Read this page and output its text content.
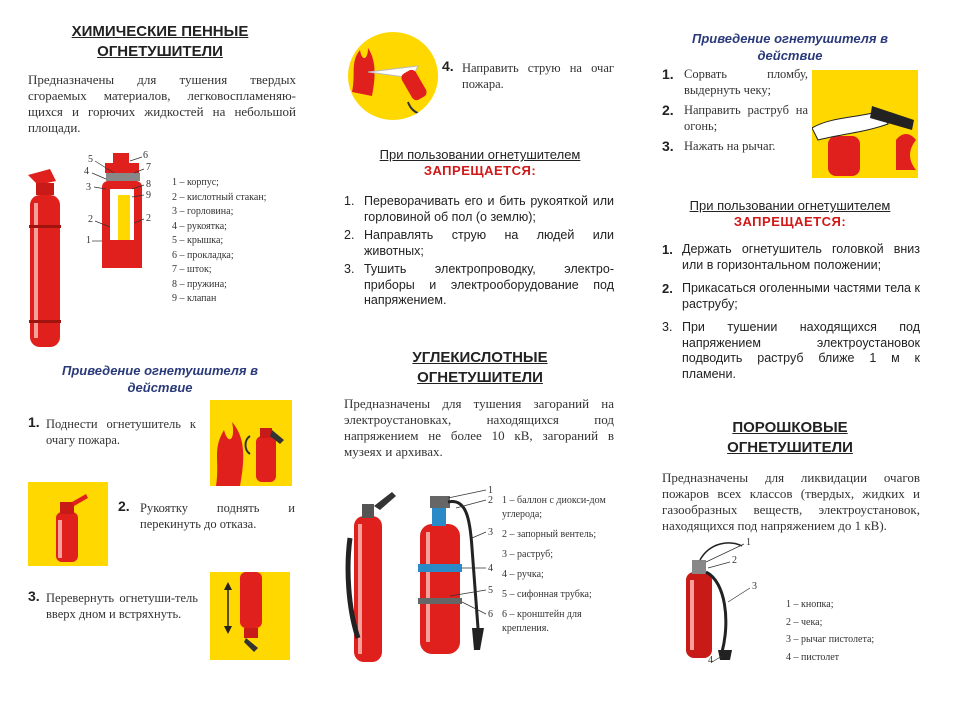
ХИМИЧЕСКИЕ ПЕННЫЕ
ОГНЕТУШИТЕЛИ
Предназначены для тушения твердых сгораемых материалов, легковоспламеняю-щихся и горючих жидкостей на небольшой площади.
5
4
3
2
1
6
7
8
9
2
1 – корпус;
2 – кислотный стакан;
3 – горловина;
4 – рукоятка;
5 – крышка;
6 – прокладка;
7 – шток;
8 – пружина;
9 – клапан
Приведение огнетушителя в
действие
1. Поднести огнетушитель к очагу пожара.
2. Рукоятку поднять и перекинуть до отказа.
3. Перевернуть огнетуши-тель вверх дном и встряхнуть.
4. Направить струю на очаг пожара.
При пользовании огнетушителем
ЗАПРЕЩАЕТСЯ:
1. Переворачивать его и бить рукояткой или горловиной об пол (о землю);
2. Направлять струю на людей или животных;
3. Тушить электропроводку, электро-приборы и электрооборудование под напряжением.
УГЛЕКИСЛОТНЫЕ
ОГНЕТУШИТЕЛИ
Предназначены для тушения загораний на электроустановках, находящихся под напряжением не более 10 кВ, загораний в музеях и архивах.
1
2
3
4
5
6
1 – баллон с диокси-дом углерода;
2 – запорный вентель;
3 – раструб;
4 – ручка;
5 – сифонная трубка;
6 – кронштейн для крепления.
Приведение огнетушителя в
действие
1. Сорвать пломбу, выдернуть чеку;
2. Направить раструб на огонь;
3. Нажать на рычаг.
При пользовании огнетушителем
ЗАПРЕЩАЕТСЯ:
1. Держать огнетушитель головкой вниз или в горизонтальном положении;
2. Прикасаться оголенными частями тела к раструбу;
3. При тушении находящихся под напряжением электроустановок подводить раструб ближе 1 м к пламени.
ПОРОШКОВЫЕ
ОГНЕТУШИТЕЛИ
Предназначены для ликвидации очагов пожаров всех классов (твердых, жидких и газообразных веществ, электроустановок, находящихся под напряжением до 1 кВ).
1
2
3
4
1 – кнопка;
2 – чека;
3 – рычаг пистолета;
4 – пистолет
